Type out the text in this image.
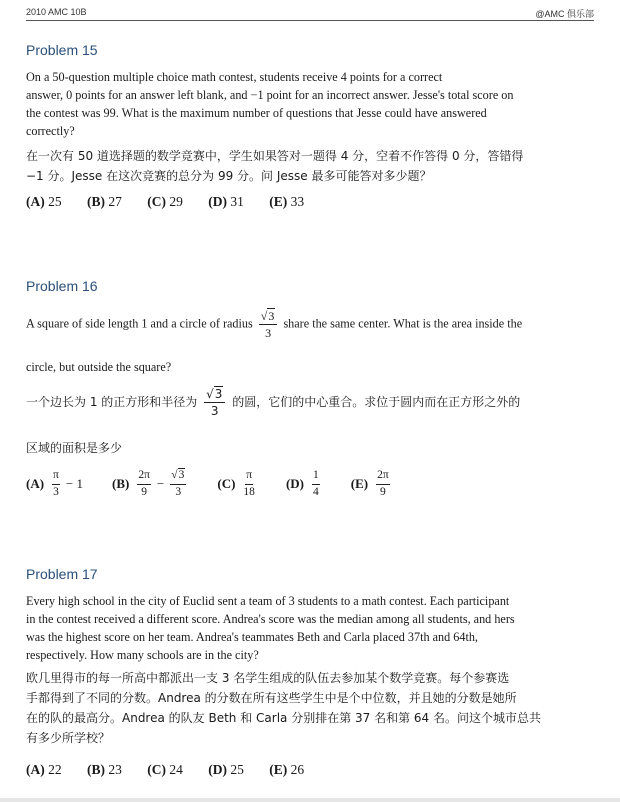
2010 AMC 10B	@AMC 俱乐部
Problem 15
On a 50-question multiple choice math contest, students receive 4 points for a correct
answer, 0 points for an answer left blank, and −1 point for an incorrect answer. Jesse's total score on
the contest was 99. What is the maximum number of questions that Jesse could have answered
correctly?
在一次有 50 道选择题的数学竞赛中，学生如果答对一题得 4 分，空着不作答得 0 分，答错得
−1 分。Jesse 在这次竞赛的总分为 99 分。问 Jesse 最多可能答对多少题？
(A) 25 (B) 27 (C) 29 (D) 31 (E) 33
Problem 16
A square of side length 1 and a circle of radius $\frac{√3}{3}$ share the same center. What is the area inside the
circle, but outside the square?
一个边长为 1 的正方形和半径为 $\frac{√3}{3}$ 的圆，它们的中心重合。求位于圆内而在正方形之外的
区域的面积是多少
$(A) \frac{\pi}{3} - 1$
$(B) \frac{2\pi}{9} - \frac{√3}{3}$
$(C) \frac{\pi}{18}$
$(D) \frac{1}{4}$
$(E) \frac{2\pi}{9}$
Problem 17
Every high school in the city of Euclid sent a team of 3 students to a math contest. Each participant
in the contest received a different score. Andrea's score was the median among all students, and hers
was the highest score on her team. Andrea's teammates Beth and Carla placed 37th and 64th,
respectively. How many schools are in the city?
欧几里得市的每一所高中都派出一支 3 名学生组成的队伍去参加某个数学竞赛。每个参赛选
手都得到了不同的分数。Andrea 的分数在所有这些学生中是个中位数，并且她的分数是她所
在的队的最高分。Andrea 的队友 Beth 和 Carla 分别排在第 37 名和第 64 名。问这个城市总共
有多少所学校？
(A) 22 (B) 23 (C) 24 (D) 25 (E) 26
